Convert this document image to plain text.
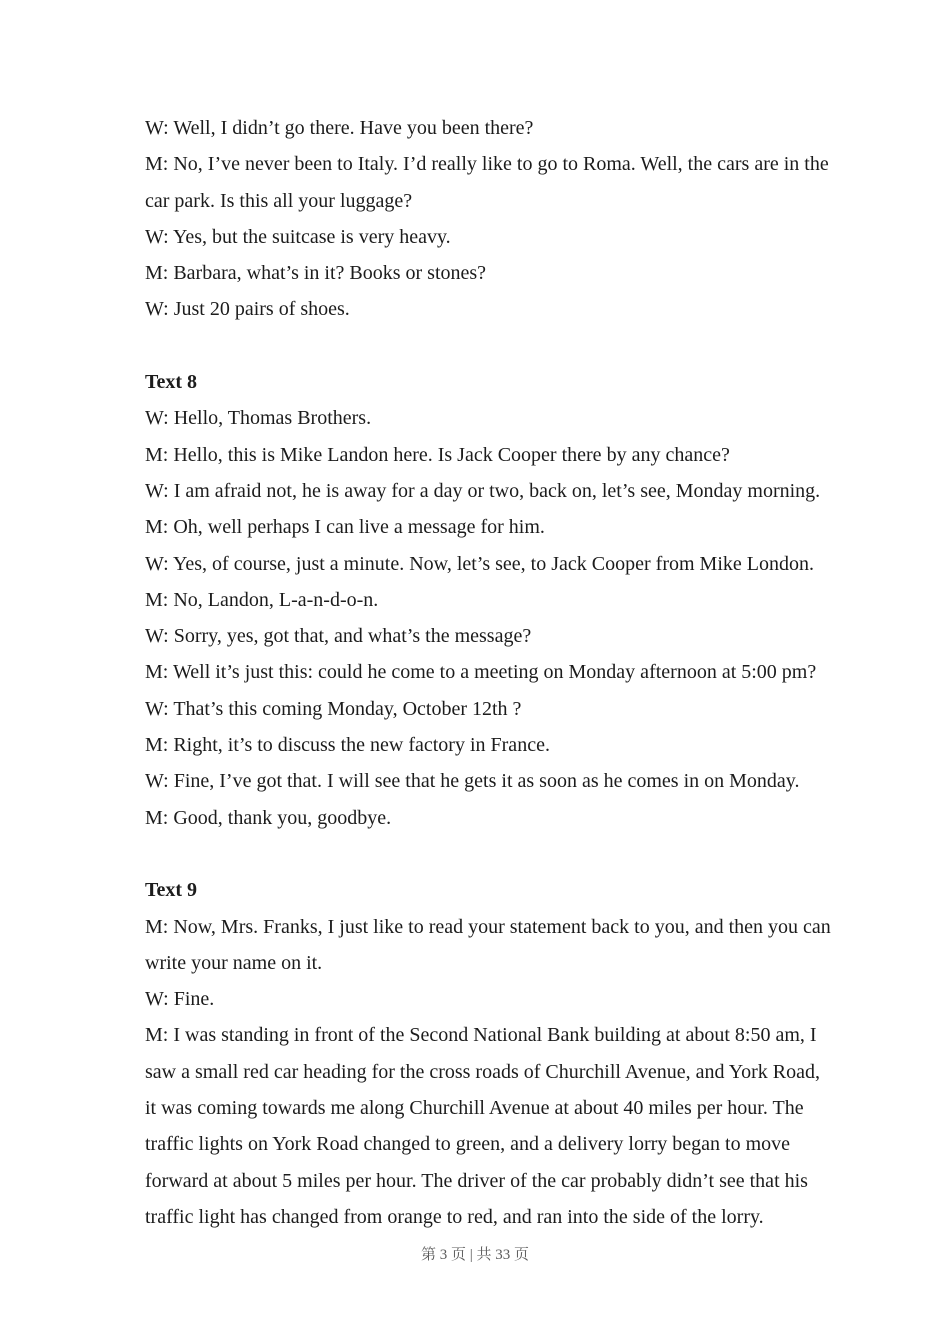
W: Well, I didn’t go there. Have you been there?
M: No, I’ve never been to Italy. I’d really like to go to Roma. Well, the cars are in the
car park. Is this all your luggage?
W: Yes, but the suitcase is very heavy.
M: Barbara, what’s in it? Books or stones?
W: Just 20 pairs of shoes.
Text 8
W: Hello, Thomas Brothers.
M: Hello, this is Mike Landon here. Is Jack Cooper there by any chance?
W: I am afraid not, he is away for a day or two, back on, let’s see, Monday morning.
M: Oh, well perhaps I can live a message for him.
W: Yes, of course, just a minute. Now, let’s see, to Jack Cooper from Mike London.
M: No, Landon, L-a-n-d-o-n.
W: Sorry, yes, got that, and what’s the message?
M: Well it’s just this: could he come to a meeting on Monday afternoon at 5:00 pm?
W: That’s this coming Monday, October 12th ?
M: Right, it’s to discuss the new factory in France.
W: Fine, I’ve got that. I will see that he gets it as soon as he comes in on Monday.
M: Good, thank you, goodbye.
Text 9
M: Now, Mrs. Franks, I just like to read your statement back to you, and then you can
write your name on it.
W: Fine.
M: I was standing in front of the Second National Bank building at about 8:50 am, I
saw a small red car heading for the cross roads of Churchill Avenue, and York Road,
it was coming towards me along Churchill Avenue at about 40 miles per hour. The
traffic lights on York Road changed to green, and a delivery lorry began to move
forward at about 5 miles per hour. The driver of the car probably didn’t see that his
traffic light has changed from orange to red, and ran into the side of the lorry.
第 3 页 | 共 33 页
